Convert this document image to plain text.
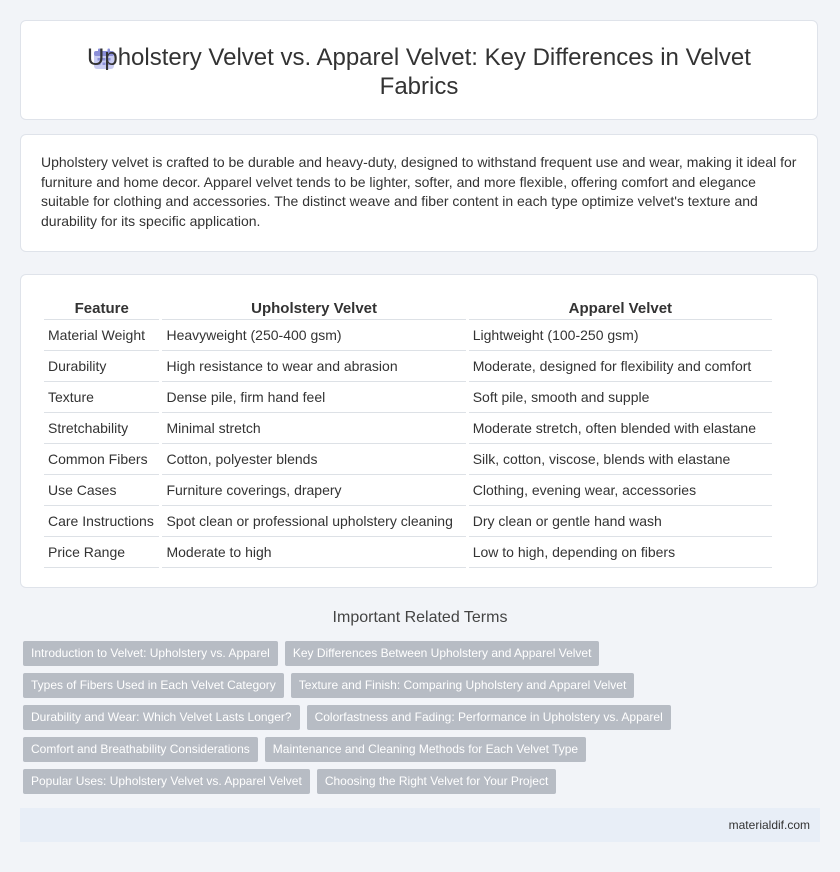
Upholstery Velvet vs. Apparel Velvet: Key Differences in Velvet Fabrics
Upholstery velvet is crafted to be durable and heavy-duty, designed to withstand frequent use and wear, making it ideal for furniture and home decor. Apparel velvet tends to be lighter, softer, and more flexible, offering comfort and elegance suitable for clothing and accessories. The distinct weave and fiber content in each type optimize velvet's texture and durability for its specific application.
Feature	Upholstery Velvet	Apparel Velvet
Material Weight	Heavyweight (250-400 gsm)	Lightweight (100-250 gsm)
Durability	High resistance to wear and abrasion	Moderate, designed for flexibility and comfort
Texture	Dense pile, firm hand feel	Soft pile, smooth and supple
Stretchability	Minimal stretch	Moderate stretch, often blended with elastane
Common Fibers	Cotton, polyester blends	Silk, cotton, viscose, blends with elastane
Use Cases	Furniture coverings, drapery	Clothing, evening wear, accessories
Care Instructions	Spot clean or professional upholstery cleaning	Dry clean or gentle hand wash
Price Range	Moderate to high	Low to high, depending on fibers
Important Related Terms
Introduction to Velvet: Upholstery vs. Apparel	Key Differences Between Upholstery and Apparel Velvet
Types of Fibers Used in Each Velvet Category	Texture and Finish: Comparing Upholstery and Apparel Velvet
Durability and Wear: Which Velvet Lasts Longer?	Colorfastness and Fading: Performance in Upholstery vs. Apparel
Comfort and Breathability Considerations	Maintenance and Cleaning Methods for Each Velvet Type
Popular Uses: Upholstery Velvet vs. Apparel Velvet	Choosing the Right Velvet for Your Project
materialdif.com
